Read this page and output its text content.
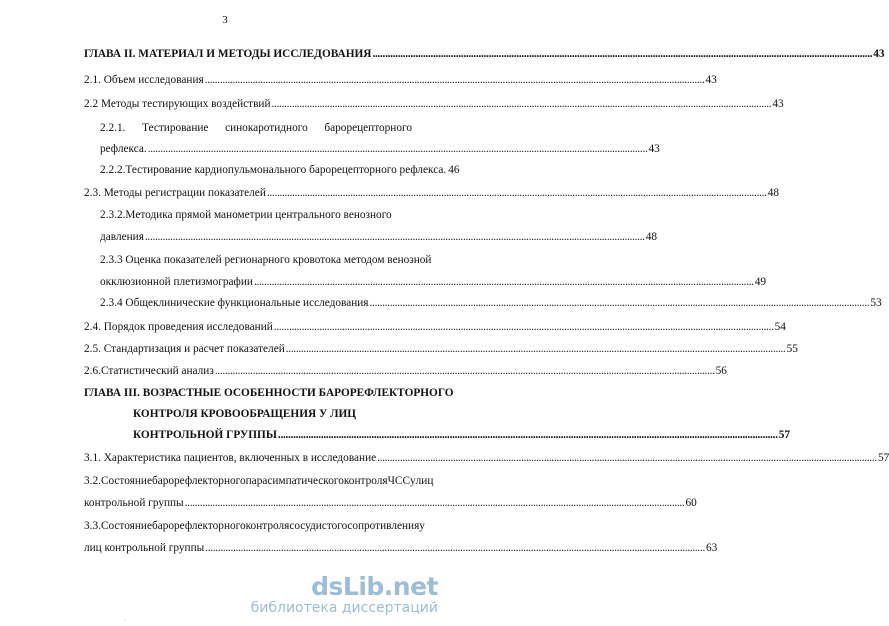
3
ГЛАВА II. МАТЕРИАЛ И МЕТОДЫ ИССЛЕДОВАНИЯ .....	43
2.1. Объем исследования .....	43
2.2 Методы тестирующих воздействий .....	43
2.2.1. Тестирование синокаротидного барорецепторного
рефлекса. .....	43
2.2.2.Тестирование кардиопульмонального барорецепторного рефлекса. 46
2.3. Методы регистрации показателей .....	48
2.3.2.Методика прямой манометрии центрального венозного
давления .....	48
2.3.3 Оценка показателей регионарного кровотока методом венозной
окклюзионной плетизмографии .....	49
2.3.4 Общеклинические функциональные исследования .....	53
2.4. Порядок проведения исследований .....	54
2.5. Стандартизация и расчет показателей .....	55
2.6.Статистический анализ .....	56
ГЛАВА III. ВОЗРАСТНЫЕ ОСОБЕННОСТИ БАРОРЕФЛЕКТОРНОГО
КОНТРОЛЯ КРОВООБРАЩЕНИЯ У ЛИЦ
КОНТРОЛЬНОЙ ГРУППЫ .....	57
3.1. Характеристика пациентов, включенных в исследование .....	57
3.2. Состояние барорефлекторного парасимпатического контроля ЧСС у лиц
контрольной группы .....	60
3.3. Состояние барорефлекторного контроля сосудистого сопротивления у
лиц контрольной группы .....	63
·
dsLib.net
библиотека диссертаций
